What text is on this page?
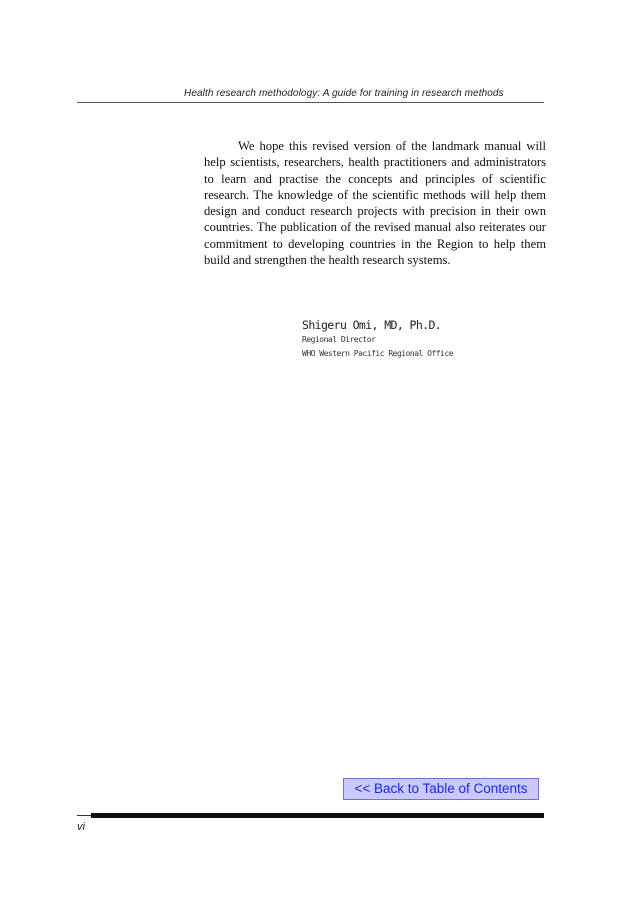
Health research methodology: A guide for training in research methods

We hope this revised version of the landmark manual will help scientists, researchers, health practitioners and administrators to learn and practise the concepts and principles of scientific research. The knowledge of the scientific methods will help them design and conduct research projects with precision in their own countries. The publication of the revised manual also reiterates our commitment to developing countries in the Region to help them build and strengthen the health research systems.

Shigeru Omi, MD, Ph.D.
Regional Director
WHO Western Pacific Regional Office
<< Back to Table of Contents
vi
